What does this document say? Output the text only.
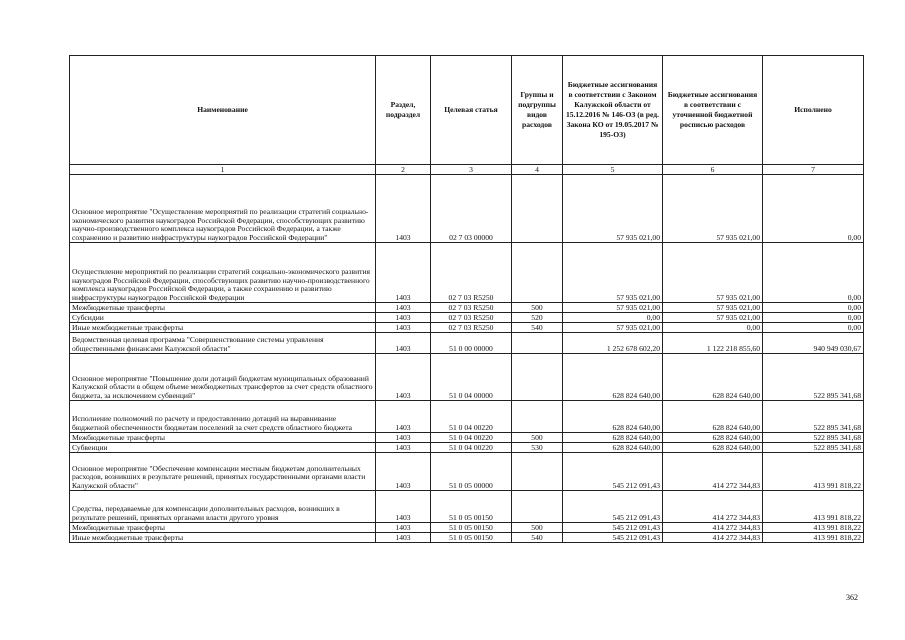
Наименование	Раздел, подраздел	Целевая статья	Группы и подгруппы видов расходов	Бюджетные ассигнования в соответствии с Законом Калужской области от 15.12.2016 № 146-ОЗ (в ред. Закона КО от 19.05.2017 № 195-ОЗ)	Бюджетные ассигнования в соответствии с уточненной бюджетной росписью расходов	Исполнено
1	2	3	4	5	6	7
Основное мероприятие "Осуществление мероприятий по реализации стратегий социально-экономического развития наукоградов Российской Федерации, способствующих развитию научно-производственного комплекса наукоградов Российской Федерации, а также сохранению и развитию инфраструктуры наукоградов Российской Федерации"	1403	02 7 03 00000		57 935 021,00	57 935 021,00	0,00
Осуществление мероприятий по реализации стратегий социально-экономического развития наукоградов Российской Федерации, способствующих развитию научно-производственного комплекса наукоградов Российской Федерации, а также сохранению и развитию инфраструктуры наукоградов Российской Федерации	1403	02 7 03 R5250		57 935 021,00	57 935 021,00	0,00
Межбюджетные трансферты	1403	02 7 03 R5250	500	57 935 021,00	57 935 021,00	0,00
Субсидии	1403	02 7 03 R5250	520	0,00	57 935 021,00	0,00
Иные межбюджетные трансферты	1403	02 7 03 R5250	540	57 935 021,00	0,00	0,00
Ведомственная целевая программа "Совершенствование системы управления общественными финансами Калужской области"	1403	51 0 00 00000		1 252 678 602,20	1 122 218 855,60	940 949 030,67
Основное мероприятие "Повышение доли дотаций бюджетам муниципальных образований Калужской области в общем объеме межбюджетных трансфертов за счет средств областного бюджета, за исключением субвенций"	1403	51 0 04 00000		628 824 640,00	628 824 640,00	522 895 341,68
Исполнение полномочий по расчету и предоставлению дотаций на выравнивание бюджетной обеспеченности бюджетам поселений за счет средств областного бюджета	1403	51 0 04 00220		628 824 640,00	628 824 640,00	522 895 341,68
Межбюджетные трансферты	1403	51 0 04 00220	500	628 824 640,00	628 824 640,00	522 895 341,68
Субвенции	1403	51 0 04 00220	530	628 824 640,00	628 824 640,00	522 895 341,68
Основное мероприятие "Обеспечение компенсации местным бюджетам дополнительных расходов, возникших в результате решений, принятых государственными органами власти Калужской области"	1403	51 0 05 00000		545 212 091,43	414 272 344,83	413 991 818,22
Средства, передаваемые для компенсации дополнительных расходов, возникших в результате решений, принятых органами власти другого уровня	1403	51 0 05 00150		545 212 091,43	414 272 344,83	413 991 818,22
Межбюджетные трансферты	1403	51 0 05 00150	500	545 212 091,43	414 272 344,83	413 991 818,22
Иные межбюджетные трансферты	1403	51 0 05 00150	540	545 212 091,43	414 272 344,83	413 991 818,22
362
